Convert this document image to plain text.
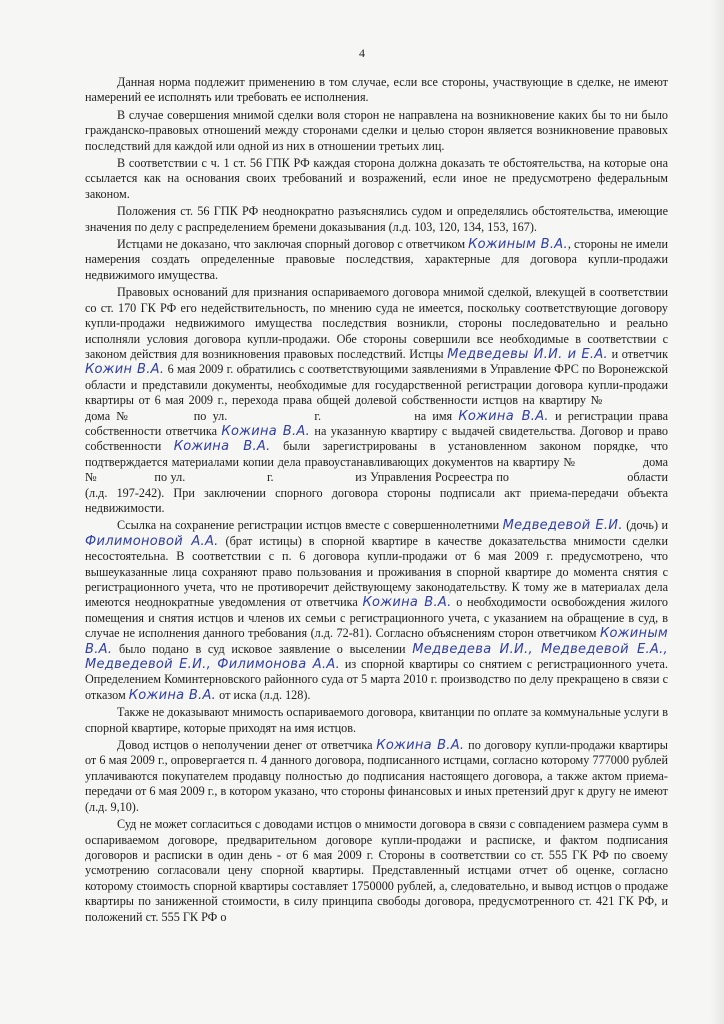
4

Данная норма подлежит применению в том случае, если все стороны, участвующие в сделке, не имеют намерений ее исполнять или требовать ее исполнения.

В случае совершения мнимой сделки воля сторон не направлена на возникновение каких бы то ни было гражданско-правовых отношений между сторонами сделки и целью сторон является возникновение правовых последствий для каждой или одной из них в отношении третьих лиц.

В соответствии с ч. 1 ст. 56 ГПК РФ каждая сторона должна доказать те обстоятельства, на которые она ссылается как на основания своих требований и возражений, если иное не предусмотрено федеральным законом.

Положения ст. 56 ГПК РФ неоднократно разъяснялись судом и определялись обстоятельства, имеющие значения по делу с распределением бремени доказывания (л.д. 103, 120, 134, 153, 167).

Истцами не доказано, что заключая спорный договор с ответчиком Кожиным В.А., стороны не имели намерения создать определенные правовые последствия, характерные для договора купли-продажи недвижимого имущества.

Правовых оснований для признания оспариваемого договора мнимой сделкой, влекущей в соответствии со ст. 170 ГК РФ его недействительность, по мнению суда не имеется, поскольку соответствующие договору купли-продажи недвижимого имущества последствия возникли, стороны последовательно и реально исполняли условия договора купли-продажи. Обе стороны совершили все необходимые в соответствии с законом действия для возникновения правовых последствий. Истцы Медведевы И.И. и Е.А. и ответчик Кожин В.А. 6 мая 2009 г. обратились с соответствующими заявлениями в Управление ФРС по Воронежской области и представили документы, необходимые для государственной регистрации договора купли-продажи квартиры от 6 мая 2009 г., перехода права общей долевой собственности истцов на квартиру №           дома №	по ул.	г.	на имя Кожина В.А. и регистрации права собственности ответчика Кожина В.А. на указанную квартиру с выдачей свидетельства. Договор и право собственности Кожина В.А. были зарегистрированы в установленном законом порядке, что подтверждается материалами копии дела правоустанавливающих документов на квартиру №	дома №	по ул.	г.	из Управления Росреестра по	области (л.д. 197-242). При заключении спорного договора стороны подписали акт приема-передачи объекта недвижимости.

Ссылка на сохранение регистрации истцов вместе с совершеннолетними Медведевой Е.И. (дочь) и Филимоновой А.А. (брат истицы) в спорной квартире в качестве доказательства мнимости сделки несостоятельна. В соответствии с п. 6 договора купли-продажи от 6 мая 2009 г. предусмотрено, что вышеуказанные лица сохраняют право пользования и проживания в спорной квартире до момента снятия с регистрационного учета, что не противоречит действующему законодательству. К тому же в материалах дела имеются неоднократные уведомления от ответчика Кожина В.А. о необходимости освобождения жилого помещения и снятия истцов и членов их семьи с регистрационного учета, с указанием на обращение в суд, в случае не исполнения данного требования (л.д. 72-81). Согласно объяснениям сторон ответчиком Кожиным В.А. было подано в суд исковое заявление о выселении Медведева И.И., Медведевой Е.А., Медведевой Е.И., Филимонова А.А. из спорной квартиры со снятием с регистрационного учета. Определением Коминтерновского районного суда от 5 марта 2010 г. производство по делу прекращено в связи с отказом Кожина В.А. от иска (л.д. 128).

Также не доказывают мнимость оспариваемого договора, квитанции по оплате за коммунальные услуги в спорной квартире, которые приходят на имя истцов.

Довод истцов о неполучении денег от ответчика Кожина В.А. по договору купли-продажи квартиры от 6 мая 2009 г., опровергается п. 4 данного договора, подписанного истцами, согласно которому 777000 рублей уплачиваются покупателем продавцу полностью до подписания настоящего договора, а также актом приема-передачи от 6 мая 2009 г., в котором указано, что стороны финансовых и иных претензий друг к другу не имеют (л.д. 9,10).

Суд не может согласиться с доводами истцов о мнимости договора в связи с совпадением размера сумм в оспариваемом договоре, предварительном договоре купли-продажи и расписке, и фактом подписания договоров и расписки в один день - от 6 мая 2009 г. Стороны в соответствии со ст. 555 ГК РФ по своему усмотрению согласовали цену спорной квартиры. Представленный истцами отчет об оценке, согласно которому стоимость спорной квартиры составляет 1750000 рублей, а, следовательно, и вывод истцов о продаже квартиры по заниженной стоимости, в силу принципа свободы договора, предусмотренного ст. 421 ГК РФ, и положений ст. 555 ГК РФ о
